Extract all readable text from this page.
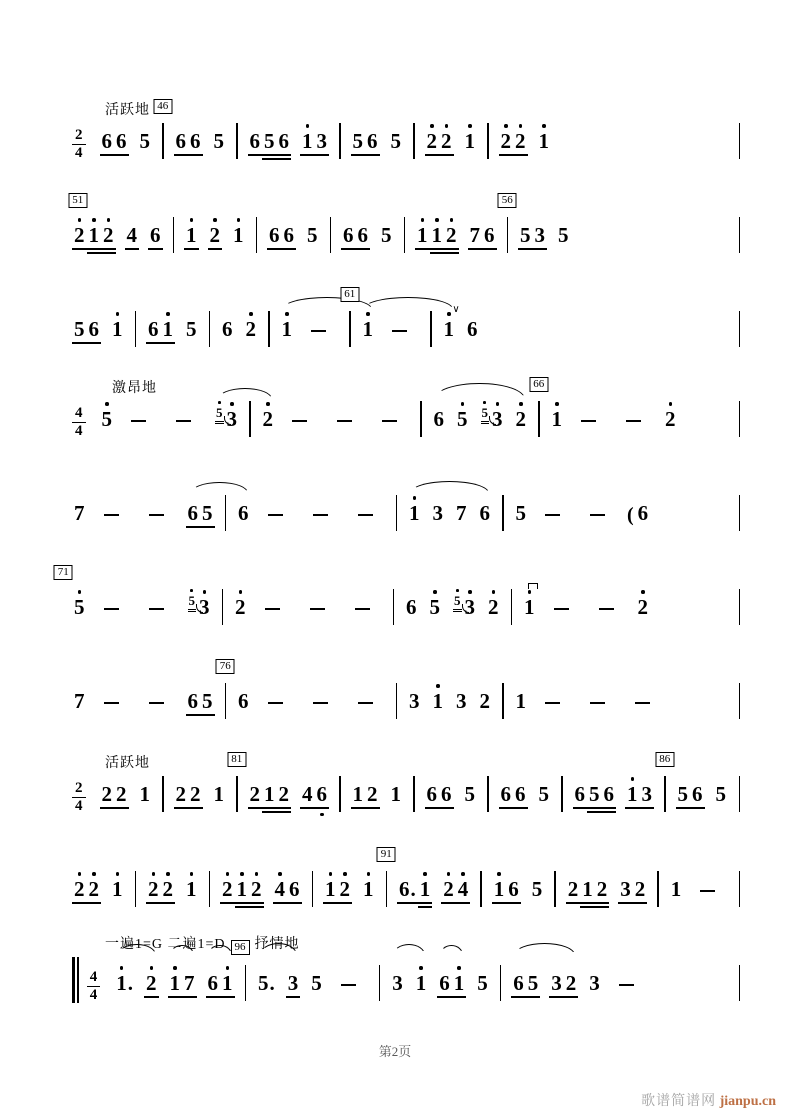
活跃地
2
4 6 6 5 6 6 5 6 5 6 1 3 5 6 5 2 2 1 2 2 1
46
2 1 2 4 6 1 2 1 6 6 5 6 6 5 1 1 2 7 6 5 3 5
51	56
5 6 1 6 1 5 6 2 1	1	1
∨
6
61
激昂地
4
4 5	5 3 2	6 5 5 3 2 1	2
66
7	6 5 6	1 3 7 6 5	( 6
5	5 3 2	6 5 5 3 2 1	2
71
7	6 5 6	3 1 3 2 1
76
活跃地
2
4 2 2 1 2 2 1 2 1 2 4 6 1 2 1 6 6 5 6 6 5 6 5 6 1 3 5 6 5
81	86
2 2 1 2 2 1 2 1 2 4 6 1 2 1 6. 1 2 4 1 6 5 2 1 2 3 2 1
91
一遍1=G 二遍1=D 96 抒情地
4
4 1
. 2 1 7 6 1 5. 3 5	3 1 6 1 5 6 5 3 2 3
第2页
歌谱简谱网 jianpu.cn
